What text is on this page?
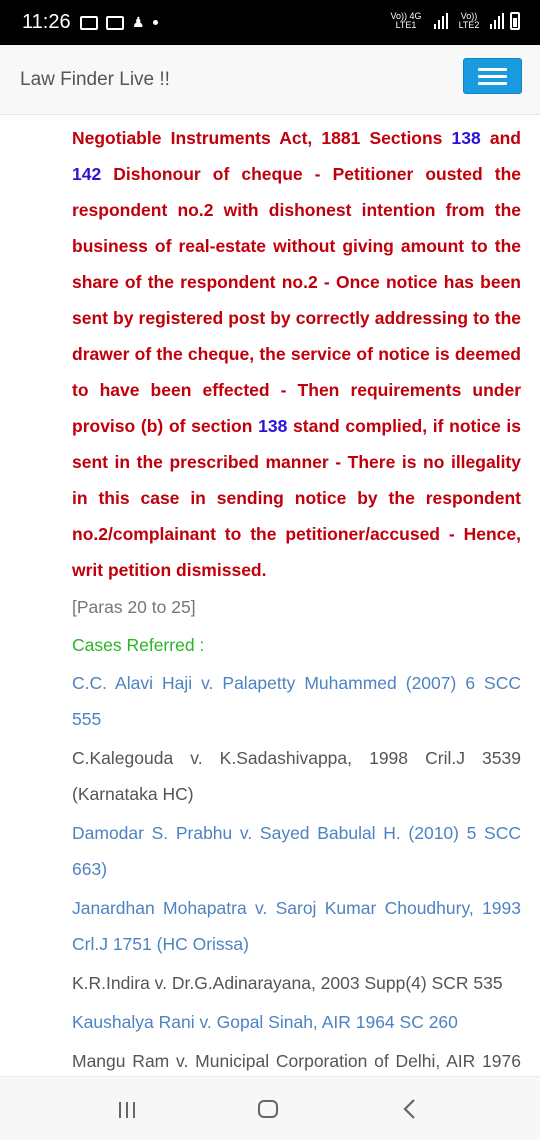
11:26	♟	Vo)) 4G LTE1
Vo)) LTE2
Law Finder Live !!

Negotiable Instruments Act, 1881 Sections 138 and 142 Dishonour of cheque - Petitioner ousted the respondent no.2 with dishonest intention from the business of real-estate without giving amount to the share of the respondent no.2 - Once notice has been sent by registered post by correctly addressing to the drawer of the cheque, the service of notice is deemed to have been effected - Then requirements under proviso (b) of section 138 stand complied, if notice is sent in the prescribed manner - There is no illegality in this case in sending notice by the respondent no.2/complainant to the petitioner/accused - Hence, writ petition dismissed.

[Paras 20 to 25]
Cases Referred :
C.C. Alavi Haji v. Palapetty Muhammed (2007) 6 SCC 555
C.Kalegouda v. K.Sadashivappa, 1998 Cril.J 3539 (Karnataka HC)
Damodar S. Prabhu v. Sayed Babulal H. (2010) 5 SCC 663)
Janardhan Mohapatra v. Saroj Kumar Choudhury, 1993 Crl.J 1751 (HC Orissa)
K.R.Indira v. Dr.G.Adinarayana, 2003 Supp(4) SCR 535
Kaushalya Rani v. Gopal Sinah, AIR 1964 SC 260
Mangu Ram v. Municipal Corporation of Delhi, AIR 1976
